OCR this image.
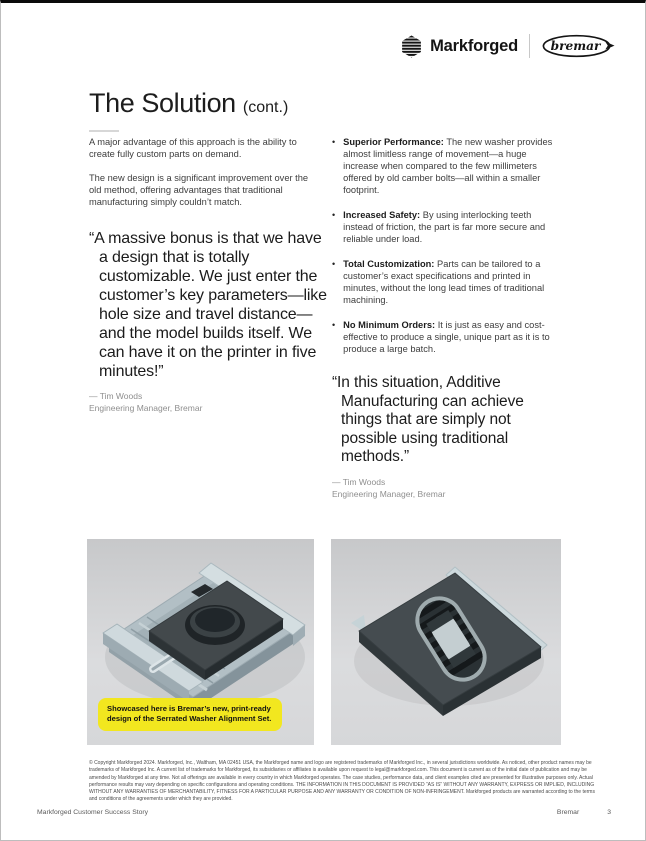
Markforged	bremar
The Solution (cont.)

A major advantage of this approach is the ability to create fully custom parts on demand.

The new design is a significant improvement over the old method, offering advantages that traditional manufacturing simply couldn’t match.

“A massive bonus is that we have a design that is totally customizable. We just enter the customer’s key parameters—like hole size and travel distance—and the model builds itself. We can have it on the printer in five minutes!”
— Tim Woods
Engineering Manager, Bremar
• Superior Performance: The new washer provides almost limitless range of movement—a huge increase when compared to the few millimeters offered by old camber bolts—all within a smaller footprint.
• Increased Safety: By using interlocking teeth instead of friction, the part is far more secure and reliable under load.
• Total Customization: Parts can be tailored to a customer’s exact specifications and printed in minutes, without the long lead times of traditional machining.
• No Minimum Orders: It is just as easy and cost-effective to produce a single, unique part as it is to produce a large batch.
“In this situation, Additive Manufacturing can achieve things that are simply not possible using traditional methods.”
— Tim Woods
Engineering Manager, Bremar
Showcased here is Bremar’s new, print-ready design of the Serrated Washer Alignment Set.

© Copyright Markforged 2024. Markforged, Inc., Waltham, MA 02451 USA, the Markforged name and logo are registered trademarks of Markforged Inc., in several jurisdictions worldwide. As noticed, other product names may be trademarks of Markforged Inc. A current list of trademarks for Markforged, its subsidiaries or affiliates is available upon request to legal@markforged.com. This document is current as of the initial date of publication and may be amended by Markforged at any time. Not all offerings are available in every country in which Markforged operates. The case studies, performance data, and client examples cited are presented for illustrative purposes only. Actual performance results may vary depending on specific configurations and operating conditions. THE INFORMATION IN THIS DOCUMENT IS PROVIDED “AS IS” WITHOUT ANY WARRANTY, EXPRESS OR IMPLIED, INCLUDING WITHOUT ANY WARRANTIES OF MERCHANTABILITY, FITNESS FOR A PARTICULAR PURPOSE AND ANY WARRANTY OR CONDITION OF NON-INFRINGEMENT. Markforged products are warranted according to the terms and conditions of the agreements under which they are provided.

Markforged Customer Success Story	Bremar	3
